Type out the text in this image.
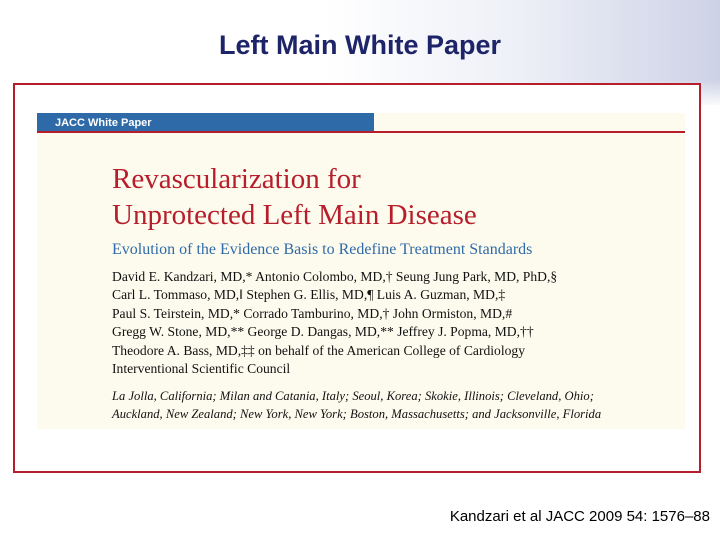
Left Main White Paper
JACC White Paper
Revascularization for
Unprotected Left Main Disease

Evolution of the Evidence Basis to Redefine Treatment Standards

David E. Kandzari, MD,* Antonio Colombo, MD,† Seung Jung Park, MD, PhD,§
Carl L. Tommaso, MD,‖ Stephen G. Ellis, MD,¶ Luis A. Guzman, MD,‡
Paul S. Teirstein, MD,* Corrado Tamburino, MD,† John Ormiston, MD,#
Gregg W. Stone, MD,** George D. Dangas, MD,** Jeffrey J. Popma, MD,††
Theodore A. Bass, MD,‡‡ on behalf of the American College of Cardiology
Interventional Scientific Council
La Jolla, California; Milan and Catania, Italy; Seoul, Korea; Skokie, Illinois; Cleveland, Ohio;
Auckland, New Zealand; New York, New York; Boston, Massachusetts; and Jacksonville, Florida
Kandzari et al JACC 2009 54: 1576–88
